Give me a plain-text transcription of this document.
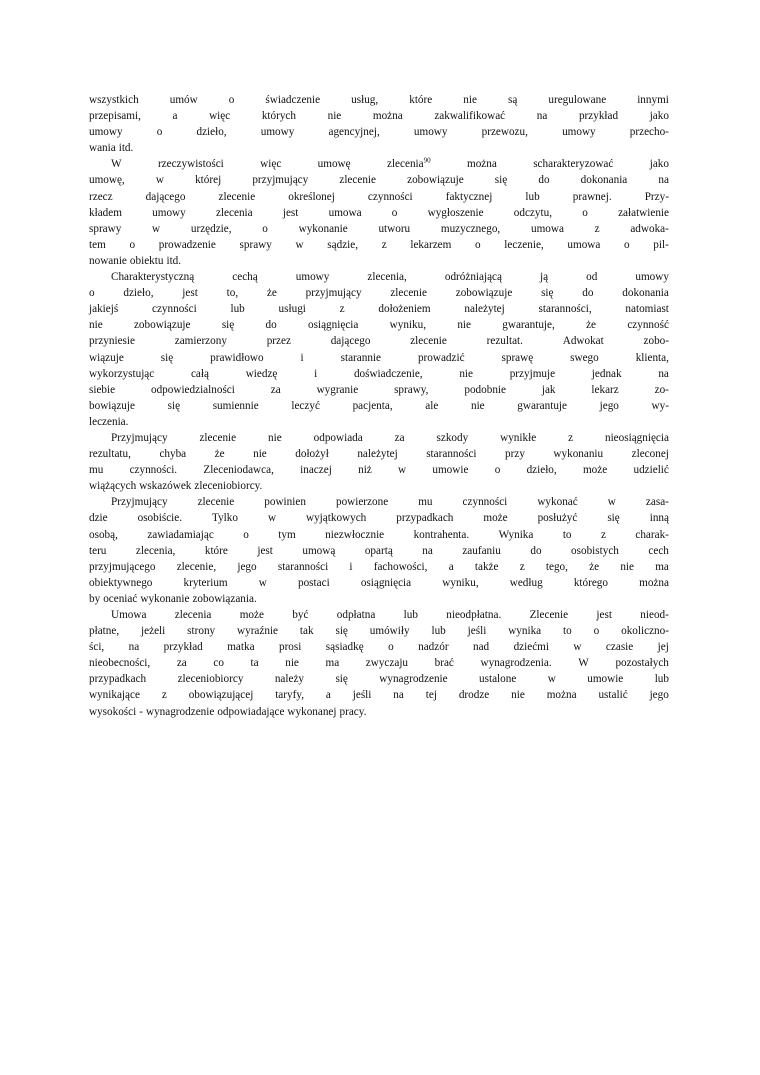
wszystkich	umów	o	świadczenie	usług,	które	nie	są	uregulowane	innymi
przepisami,	a	więc	których	nie	można	zakwalifikować	na	przykład	jako
umowy	o	dzieło,	umowy	agencyjnej,	umowy	przewozu,	umowy	przecho-
wania itd.
W	rzeczywistości	więc	umowę	zlecenia$^{90}$	można	scharakteryzować	jako
umowę,	w	której	przyjmujący	zlecenie	zobowiązuje	się	do	dokonania	na
rzecz	dającego	zlecenie	określonej	czynności	faktycznej	lub	prawnej.	Przy-
kładem	umowy	zlecenia	jest	umowa	o	wygłoszenie	odczytu,	o	załatwienie
sprawy	w	urzędzie,	o	wykonanie	utworu	muzycznego,	umowa	z	adwoka-
tem o prowadzenie sprawy w sądzie, z lekarzem o leczenie, umowa o pil-
nowanie obiektu itd.
Charakterystyczną	cechą	umowy	zlecenia,	odróżniającą	ją	od	umowy
o	dzieło,	jest	to,	że	przyjmujący	zlecenie	zobowiązuje	się	do	dokonania
jakiejś	czynności	lub	usługi	z	dołożeniem	należytej	staranności,	natomiast
nie	zobowiązuje	się	do	osiągnięcia	wyniku,	nie	gwarantuje,	że	czynność
przyniesie	zamierzony	przez	dającego	zlecenie	rezultat.	Adwokat	zobo-
wiązuje	się	prawidłowo	i	starannie	prowadzić	sprawę	swego	klienta,
wykorzystując	całą	wiedzę	i	doświadczenie,	nie	przyjmuje	jednak	na
siebie	odpowiedzialności	za	wygranie	sprawy,	podobnie	jak	lekarz	zo-
bowiązuje	się	sumiennie	leczyć	pacjenta,	ale	nie	gwarantuje	jego	wy-
leczenia.
Przyjmujący	zlecenie	nie	odpowiada	za	szkody	wynikłe	z	nieosiągnięcia
rezultatu,	chyba	że	nie	dołożył	należytej	staranności	przy	wykonaniu	zleconej
mu czynności. Zleceniodawca, inaczej niż w umowie o dzieło, może udzielić
wiążących wskazówek zleceniobiorcy.
Przyjmujący	zlecenie	powinien	powierzone	mu	czynności	wykonać	w	zasa-
dzie	osobiście.	Tylko	w	wyjątkowych	przypadkach	może	posłużyć	się	inną
osobą,	zawiadamiając	o	tym	niezwłocznie	kontrahenta.	Wynika	to	z	charak-
teru	zlecenia,	które	jest	umową	opartą	na	zaufaniu	do	osobistych	cech
przyjmującego zlecenie, jego staranności i fachowości, a także z tego, że nie ma
obiektywnego	kryterium	w	postaci	osiągnięcia	wyniku,	według	którego	można
by oceniać wykonanie zobowiązania.
Umowa	zlecenia	może	być	odpłatna	lub	nieodpłatna.	Zlecenie	jest	nieod-
płatne, jeżeli strony wyraźnie tak się umówiły lub jeśli wynika to o okoliczno-
ści, na przykład matka prosi sąsiadkę o nadzór nad dziećmi w czasie jej
nieobecności, za co ta nie ma zwyczaju brać wynagrodzenia. W pozostałych
przypadkach	zleceniobiorcy	należy	się	wynagrodzenie	ustalone	w	umowie	lub
wynikające z obowiązującej taryfy, a jeśli na tej drodze nie można ustalić jego
wysokości - wynagrodzenie odpowiadające wykonanej pracy.
